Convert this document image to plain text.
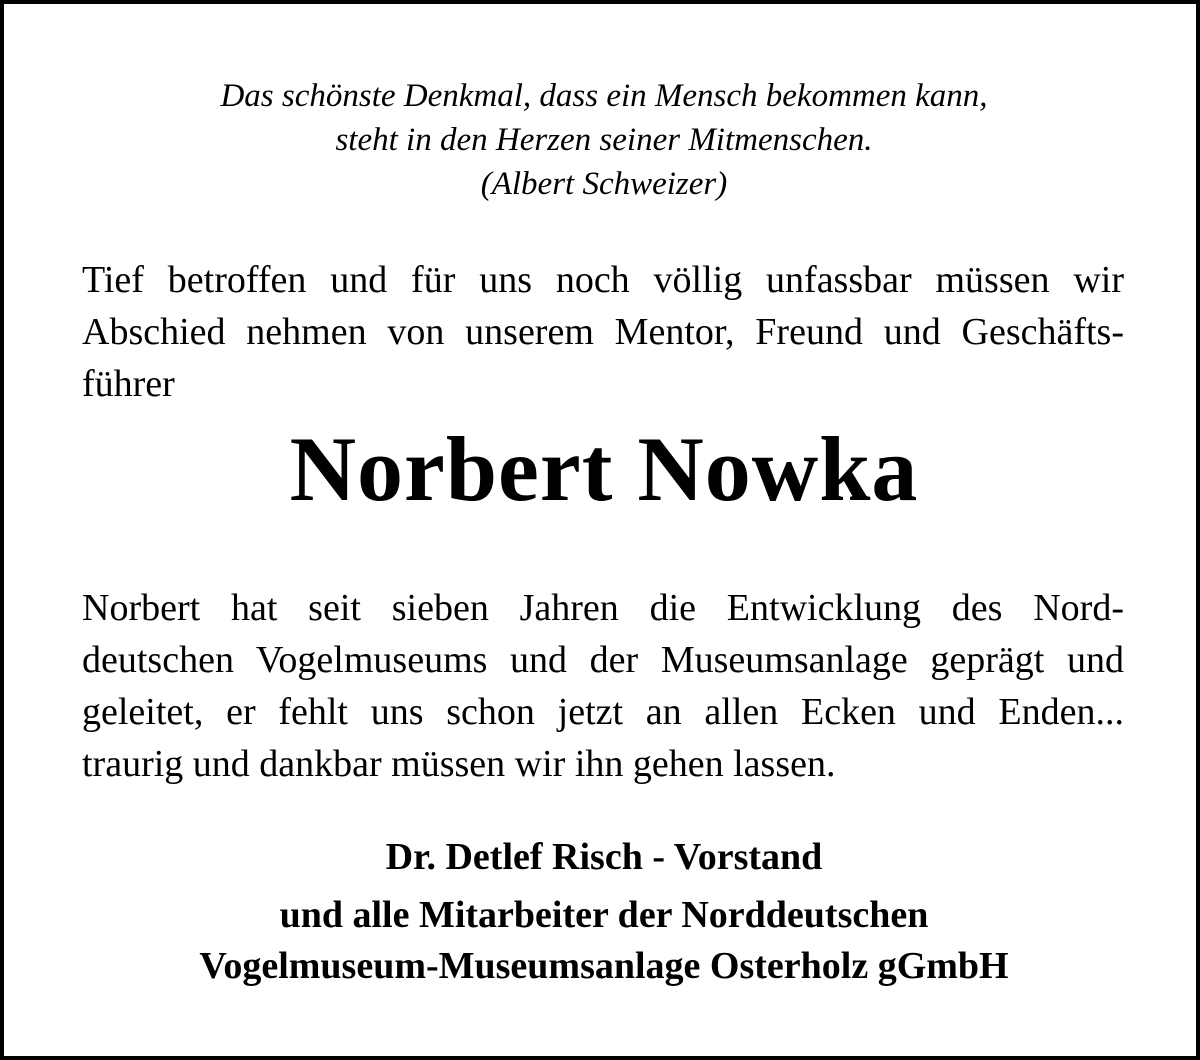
Das schönste Denkmal, dass ein Mensch bekommen kann,
steht in den Herzen seiner Mitmenschen.
(Albert Schweizer)
Tief betroffen und für uns noch völlig unfassbar müssen wir
Abschied nehmen von unserem Mentor, Freund und Geschäfts-
führer
Norbert Nowka
Norbert hat seit sieben Jahren die Entwicklung des Nord-
deutschen Vogelmuseums und der Museumsanlage geprägt und
geleitet, er fehlt uns schon jetzt an allen Ecken und Enden...
traurig und dankbar müssen wir ihn gehen lassen.
Dr. Detlef Risch - Vorstand
und alle Mitarbeiter der Norddeutschen
Vogelmuseum-Museumsanlage Osterholz gGmbH
